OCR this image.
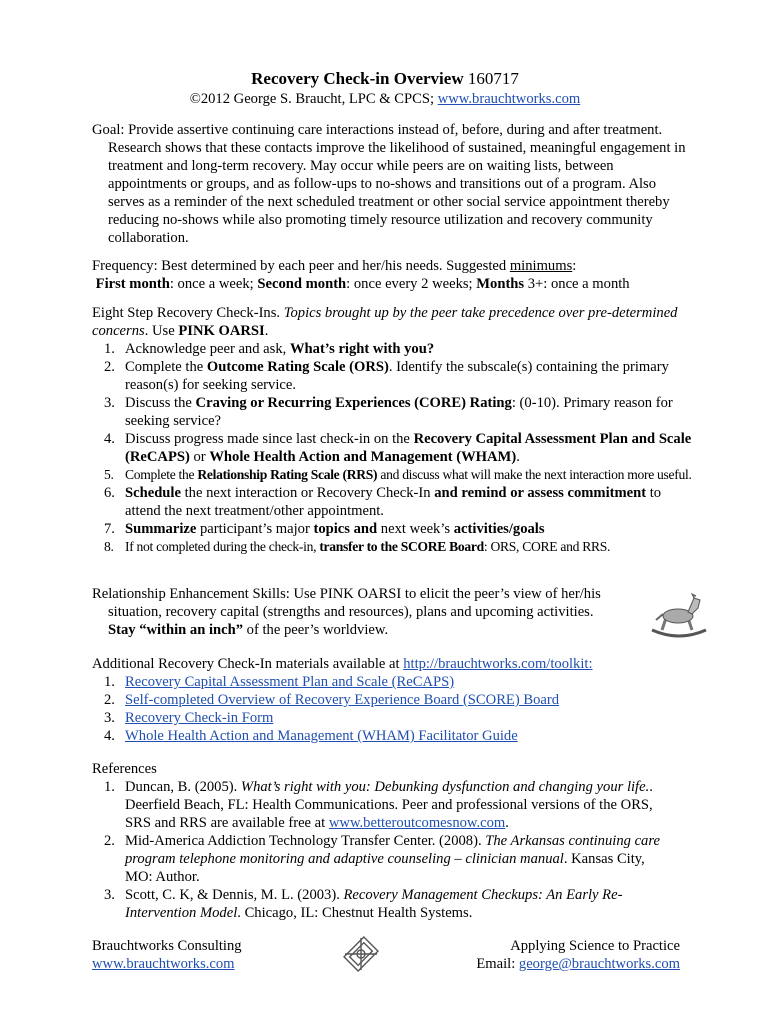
Recovery Check-in Overview 160717
©2012 George S. Braucht, LPC & CPCS; www.brauchtworks.com
Goal: Provide assertive continuing care interactions instead of, before, during and after treatment. Research shows that these contacts improve the likelihood of sustained, meaningful engagement in treatment and long-term recovery. May occur while peers are on waiting lists, between appointments or groups, and as follow-ups to no-shows and transitions out of a program. Also serves as a reminder of the next scheduled treatment or other social service appointment thereby reducing no-shows while also promoting timely resource utilization and recovery community collaboration.
Frequency: Best determined by each peer and her/his needs. Suggested minimums:
First month: once a week; Second month: once every 2 weeks; Months 3+: once a month
Eight Step Recovery Check-Ins. Topics brought up by the peer take precedence over pre-determined concerns. Use PINK OARSI.
1. Acknowledge peer and ask, What’s right with you?
2. Complete the Outcome Rating Scale (ORS). Identify the subscale(s) containing the primary reason(s) for seeking service.
3. Discuss the Craving or Recurring Experiences (CORE) Rating: (0-10). Primary reason for seeking service?
4. Discuss progress made since last check-in on the Recovery Capital Assessment Plan and Scale (ReCAPS) or Whole Health Action and Management (WHAM).
5. Complete the Relationship Rating Scale (RRS) and discuss what will make the next interaction more useful.
6. Schedule the next interaction or Recovery Check-In and remind or assess commitment to attend the next treatment/other appointment.
7. Summarize participant’s major topics and next week’s activities/goals
8. If not completed during the check-in, transfer to the SCORE Board: ORS, CORE and RRS.
Relationship Enhancement Skills: Use PINK OARSI to elicit the peer’s view of her/his situation, recovery capital (strengths and resources), plans and upcoming activities.
Stay “within an inch” of the peer’s worldview.
Additional Recovery Check-In materials available at http://brauchtworks.com/toolkit:
1. Recovery Capital Assessment Plan and Scale (ReCAPS)
2. Self-completed Overview of Recovery Experience Board (SCORE) Board
3. Recovery Check-in Form
4. Whole Health Action and Management (WHAM) Facilitator Guide
References
1. Duncan, B. (2005). What’s right with you: Debunking dysfunction and changing your life.. Deerfield Beach, FL: Health Communications. Peer and professional versions of the ORS, SRS and RRS are available free at www.betteroutcomesnow.com.
2. Mid-America Addiction Technology Transfer Center. (2008). The Arkansas continuing care program telephone monitoring and adaptive counseling – clinician manual. Kansas City, MO: Author.
3. Scott, C. K, & Dennis, M. L. (2003). Recovery Management Checkups: An Early Re-Intervention Model. Chicago, IL: Chestnut Health Systems.
Brauchtworks Consulting
www.brauchtworks.com
Applying Science to Practice
Email: george@brauchtworks.com
